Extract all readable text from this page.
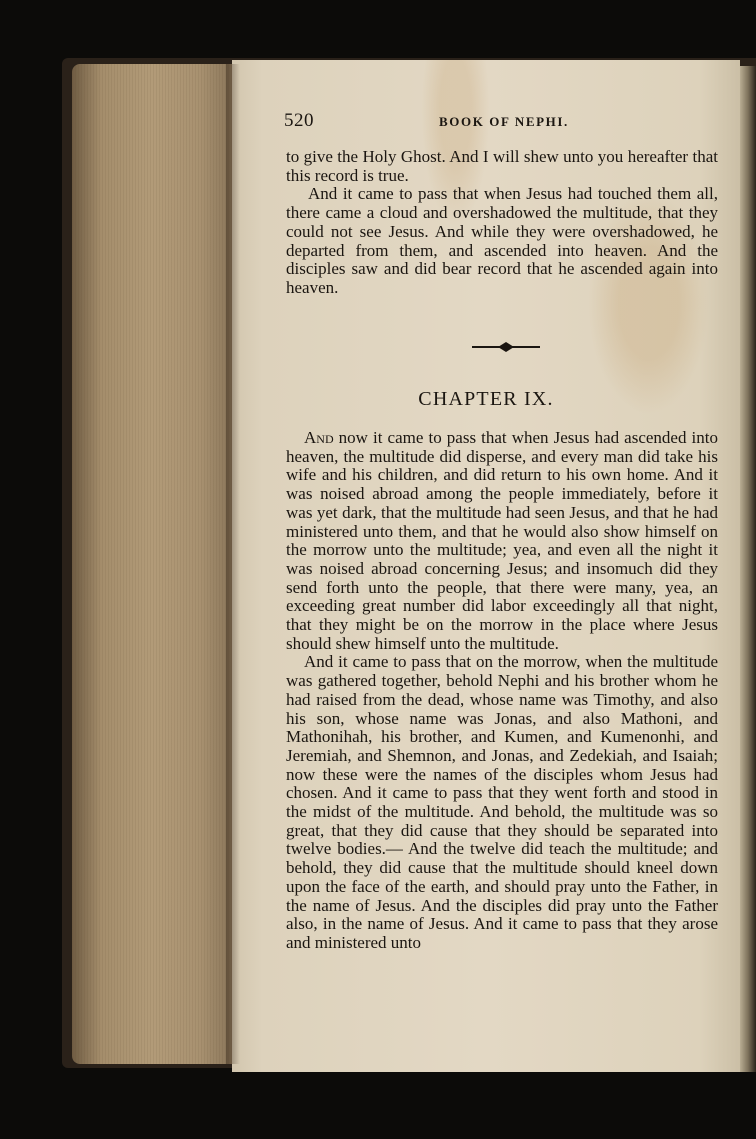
520	BOOK OF NEPHI.

to give the Holy Ghost. And I will shew unto you hereafter that this record is true.

And it came to pass that when Jesus had touched them all, there came a cloud and overshadowed the multitude, that they could not see Jesus. And while they were overshadowed, he departed from them, and ascended into heaven. And the disciples saw and did bear record that he ascended again into heaven.

CHAPTER IX.

And now it came to pass that when Jesus had ascended into heaven, the multitude did disperse, and every man did take his wife and his children, and did return to his own home. And it was noised abroad among the people immediately, before it was yet dark, that the multitude had seen Jesus, and that he had ministered unto them, and that he would also show himself on the morrow unto the multitude; yea, and even all the night it was noised abroad concerning Jesus; and insomuch did they send forth unto the people, that there were many, yea, an exceeding great number did labor exceedingly all that night, that they might be on the morrow in the place where Jesus should shew himself unto the multitude.

And it came to pass that on the morrow, when the multitude was gathered together, behold Nephi and his brother whom he had raised from the dead, whose name was Timothy, and also his son, whose name was Jonas, and also Mathoni, and Mathonihah, his brother, and Kumen, and Kumenonhi, and Jeremiah, and Shemnon, and Jonas, and Zedekiah, and Isaiah; now these were the names of the disciples whom Jesus had chosen. And it came to pass that they went forth and stood in the midst of the multitude. And behold, the multitude was so great, that they did cause that they should be separated into twelve bodies.— And the twelve did teach the multitude; and behold, they did cause that the multitude should kneel down upon the face of the earth, and should pray unto the Father, in the name of Jesus. And the disciples did pray unto the Father also, in the name of Jesus. And it came to pass that they arose and ministered unto
